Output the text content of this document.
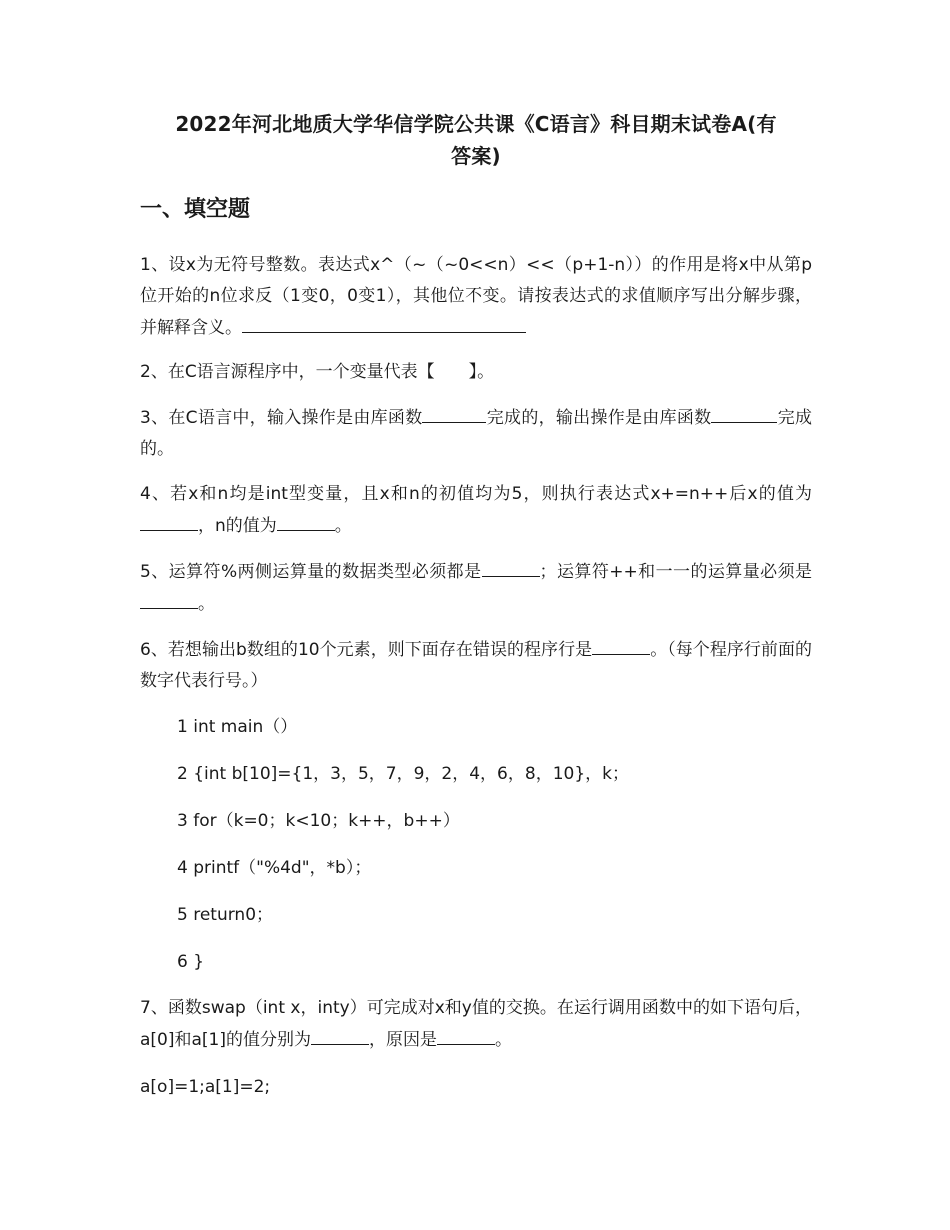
2022年河北地质大学华信学院公共课《C语言》科目期末试卷A(有
答案)
一、填空题

1、设x为无符号整数。表达式x^（~（~0<<n）<<（p+1-n））的作用是将x中从第p位开始的n位求反（1变0，0变1），其他位不变。请按表达式的求值顺序写出分解步骤，并解释含义。

2、在C语言源程序中，一个变量代表【　　】。

3、在C语言中，输入操作是由库函数	完成的，输出操作是由库函数	完成的。

4、若x和n均是int型变量，且x和n的初值均为5，则执行表达式x+=n++后x的值为，n的值为	。

5、运算符%两侧运算量的数据类型必须都是	；运算符++和一一的运算量必须是。

6、若想输出b数组的10个元素，则下面存在错误的程序行是	。（每个程序行前面的数字代表行号。）

1 int main（）

2 {int b[10]={1，3，5，7，9，2，4，6，8，10}，k；

3 for（k=0；k<10；k++，b++）

4 printf（"%4d"，*b）；

5 return0；

6 }

7、函数swap（int x，inty）可完成对x和y值的交换。在运行调用函数中的如下语句后，a[0]和a[1]的值分别为	，原因是	。

a[o]=1;a[1]=2;
